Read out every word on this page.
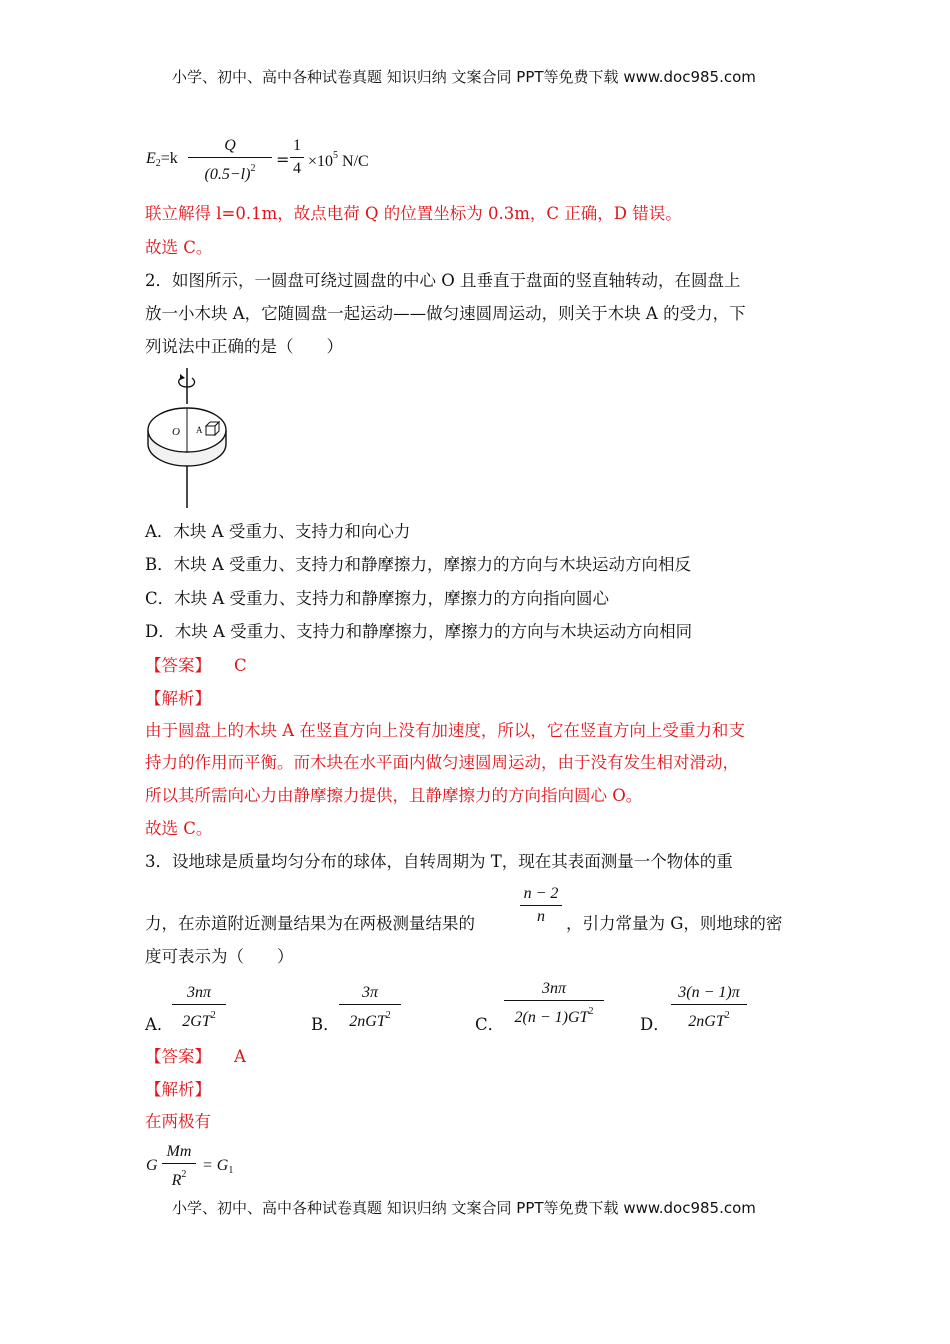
小学、初中、高中各种试卷真题 知识归纳 文案合同 PPT等免费下载 www.doc985.com
$E_2=k$
Q
$(0.5-l)^2$	=
1
$4 \times 10^5$ N/C
联立解得 l=0.1m，故点电荷 Q 的位置坐标为 0.3m，C 正确，D 错误。
故选 C。
2．如图所示，一圆盘可绕过圆盘的中心 O 且垂直于盘面的竖直轴转动，在圆盘上
放一小木块 A，它随圆盘一起运动——做匀速圆周运动，则关于木块 A 的受力，下
列说法中正确的是（　　）
O A
A．木块 A 受重力、支持力和向心力
B．木块 A 受重力、支持力和静摩擦力，摩擦力的方向与木块运动方向相反
C．木块 A 受重力、支持力和静摩擦力，摩擦力的方向指向圆心
D．木块 A 受重力、支持力和静摩擦力，摩擦力的方向与木块运动方向相同
【答案】 C
【解析】
由于圆盘上的木块 A 在竖直方向上没有加速度，所以，它在竖直方向上受重力和支
持力的作用而平衡。而木块在水平面内做匀速圆周运动，由于没有发生相对滑动，
所以其所需向心力由静摩擦力提供，且静摩擦力的方向指向圆心 O。
故选 C。
3．设地球是质量均匀分布的球体，自转周期为 T，现在其表面测量一个物体的重
力，在赤道附近测量结果为在两极测量结果的
n − 2
n	，引力常量为 G，则地球的密
度可表示为（　　）
A．
3nπ
$2GT^2$	B．
3π
2nGT$^2$	C．
3nπ
$2(n - 1)GT^2$
D．
3(n − 1)π
2nGT$^2$
【答案】 A
【解析】
在两极有
G
Mm
$R^2$
= $G_1$
小学、初中、高中各种试卷真题 知识归纳 文案合同 PPT等免费下载 www.doc985.com
